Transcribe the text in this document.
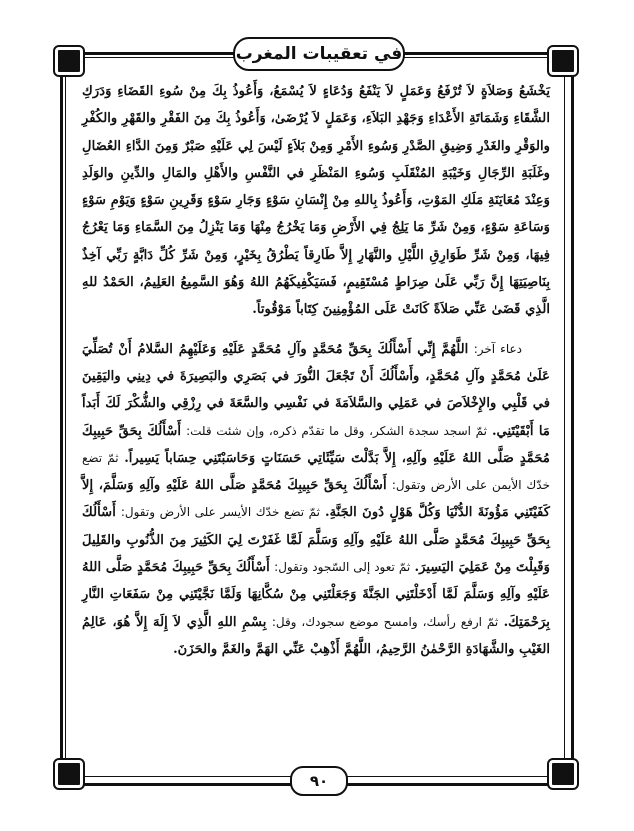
في تعقيبات المغرب

يَخْشَعُ وَصَلاَةٍ لاَ تُرْفَعُ وَعَمَلٍ لاَ يَنْفَعُ وَدُعَاءٍ لاَ يُسْمَعُ، وَأَعُوذُ بِكَ مِنْ سُوءِ القَضَاءِ وَدَرَكِ الشَّقَاءِ وَشَمَاتَةِ الأَعْدَاءِ وَجَهْدِ البَلاَءِ، وَعَمَلٍ لاَ يُرْضَىٰ، وَأَعُوذُ بِكَ مِنَ الفَقْرِ والقَهْرِ والكُفْرِ والوَقْرِ والغَدْرِ وَضِيقِ الصَّدْرِ وَسُوءِ الأَمْرِ وَمِنْ بَلاَءٍ لَيْسَ لِي عَلَيْهِ صَبْرٌ وَمِنَ الدَّاءِ العُضَالِ وغَلَبَةِ الرِّجَالِ وَخَيْبَةِ المُنْقَلَبِ وَسُوءِ المَنْظَرِ في النَّفْسِ والأَهْلِ والمَالِ والدِّينِ والوَلَدِ وَعِنْدَ مُعَايَنَةِ مَلَكِ المَوْتِ، وَأَعُوذُ بِاللهِ مِنْ إِنْسَانِ سَوْءٍ وَجَارِ سَوْءٍ وَقَرِينِ سَوْءٍ وَيَوْمِ سَوْءٍ وَسَاعَةِ سَوْءٍ، وَمِنْ شَرِّ مَا يَلِجُ فِي الأَرْضِ وَمَا يَخْرُجُ مِنْهَا وَمَا يَنْزِلُ مِنَ السَّمَاءِ وَمَا يَعْرُجُ فِيهَا، وَمِنْ شَرِّ طَوَارِقِ اللَّيْلِ والنَّهَارِ إِلاَّ طَارِقاً يَطْرُقُ بِخَيْرٍ، وَمِنْ شَرِّ كُلِّ دَابَّةٍ رَبِّي آخِذٌ بِنَاصِيَتِهَا إِنَّ رَبِّي عَلَىٰ صِرَاطٍ مُسْتَقِيمٍ، فَسَيَكْفِيكَهُمُ اللهُ وَهُوَ السَّمِيعُ العَلِيمُ، الحَمْدُ للهِ الَّذِي قَضَىٰ عَنِّي صَلاَةً كَانَتْ عَلَى المُؤْمِنِينَ كِتَاباً مَوْقُوتاً.

دعاء آخر: اللَّهُمَّ إِنِّي أَسْأَلُكَ بِحَقِّ مُحَمَّدٍ وآلِ مُحَمَّدٍ عَلَيْهِ وَعَلَيْهِمُ السَّلامُ أَنْ تُصَلِّيَ عَلَىٰ مُحَمَّدٍ وآلِ مُحَمَّدٍ، وأَسْأَلُكَ أَنْ تَجْعَلَ النُّورَ في بَصَرِي والبَصِيرَةَ في دِينِي واليَقِينَ في قَلْبِي والإِخْلاَصَ في عَمَلِي والسَّلاَمَةَ في نَفْسِي والسَّعَةَ في رِزْقِي والشُّكْرَ لَكَ أَبَداً مَا أَبْقَيْتَنِي. ثمّ اسجد سجدة الشكر، وقل ما تقدّم ذكره، وإن شئت قلت: أَسْأَلُكَ بِحَقِّ حَبِيبِكَ مُحَمَّدٍ صَلَّى اللهُ عَلَيْهِ وآلِهِ، إِلاَّ بَدَّلْتَ سَيِّئَاتِي حَسَنَاتٍ وَحَاسَبْتَنِي حِسَاباً يَسِيراً. ثمّ تضع خدّك الأيمن على الأرض وتقول: أَسْأَلُكَ بِحَقِّ حَبِيبِكَ مُحَمَّدٍ صَلَّى اللهُ عَلَيْهِ وآلِهِ وَسَلَّمَ، إِلاَّ كَفَيْتَنِي مَؤُونَةَ الدُّنْيَا وَكُلَّ هَوْلٍ دُونَ الجَنَّةِ. ثمّ تضع خدّك الأيسر على الأرض وتقول: أَسْأَلُكَ بِحَقِّ حَبِيبِكَ مُحَمَّدٍ صَلَّى اللهُ عَلَيْهِ وآلِهِ وَسَلَّمَ لَمَّا غَفَرْتَ لِيَ الكَثِيرَ مِنَ الذُّنُوبِ والقَلِيلَ وَقَبِلْتَ مِنْ عَمَلِيَ اليَسِيرَ. ثمّ تعود إلى السّجود وتقول: أَسْأَلُكَ بِحَقِّ حَبِيبِكَ مُحَمَّدٍ صَلَّى اللهُ عَلَيْهِ وآلِهِ وَسَلَّمَ لَمَّا أَدْخَلْتَنِي الجَنَّةَ وَجَعَلْتَنِي مِنْ سُكَّانِهَا وَلَمَّا نَجَّيْتَنِي مِنْ سَفَعَاتِ النَّارِ بِرَحْمَتِكَ. ثمّ ارفع رأسك، وامسح موضع سجودك، وقل: بِسْمِ اللهِ الَّذِي لاَ إِلَهَ إِلاَّ هُوَ، عَالِمُ الغَيْبِ والشَّهَادَةِ الرَّحْمٰنُ الرَّحِيمُ، اللَّهُمَّ أَذْهِبْ عَنِّي الهَمَّ والغَمَّ والحَزَنَ.

٩٠
